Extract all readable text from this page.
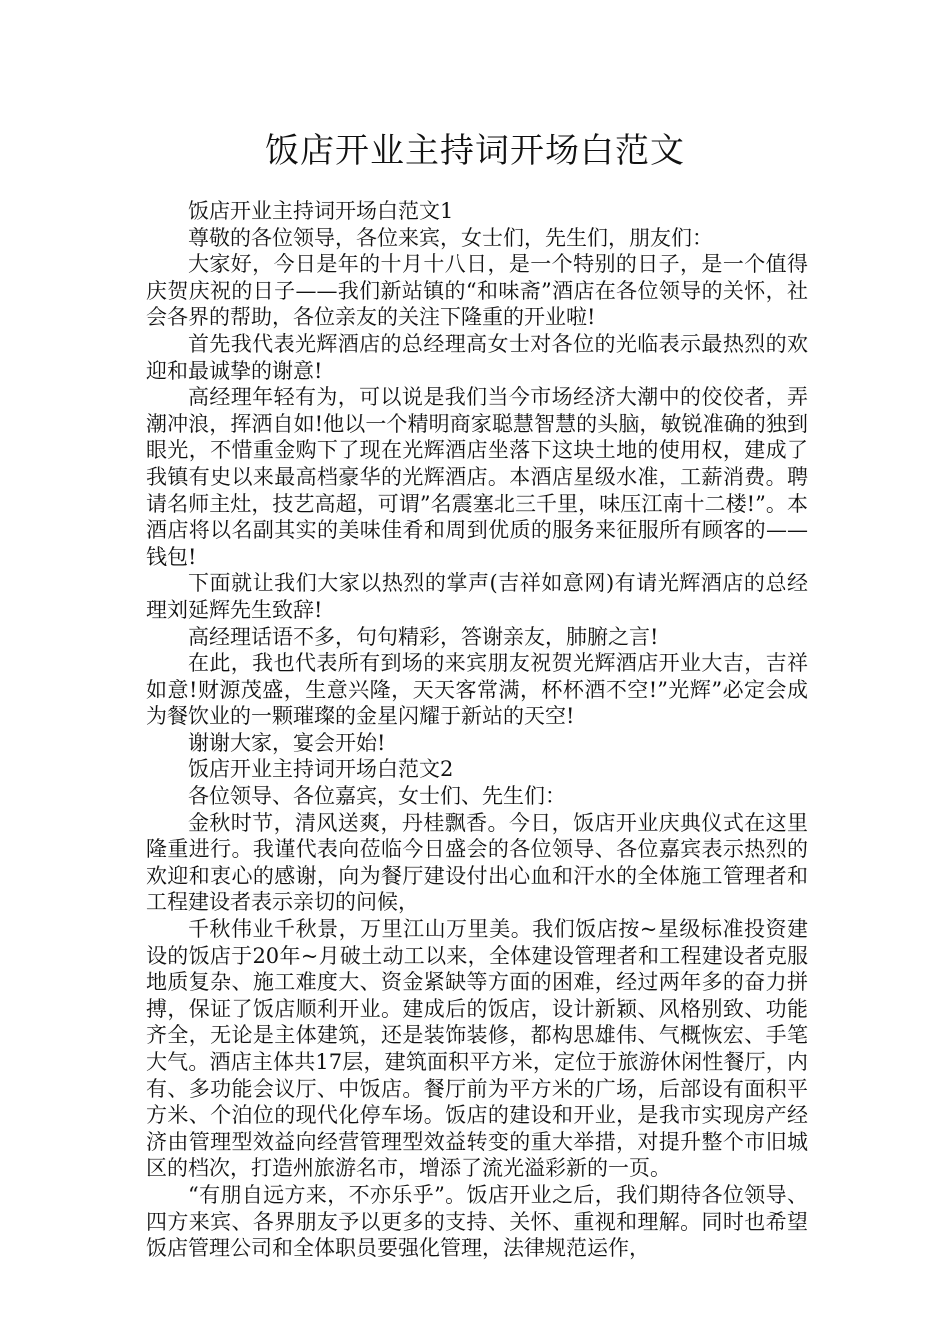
饭店开业主持词开场白范文

饭店开业主持词开场白范文1

尊敬的各位领导，各位来宾，女士们，先生们，朋友们：

大家好，今日是年的十月十八日，是一个特别的日子，是一个值得庆贺庆祝的日子——我们新站镇的“和味斋”酒店在各位领导的关怀，社会各界的帮助，各位亲友的关注下隆重的开业啦!

首先我代表光辉酒店的总经理高女士对各位的光临表示最热烈的欢迎和最诚挚的谢意!

高经理年轻有为，可以说是我们当今市场经济大潮中的佼佼者，弄潮冲浪，挥洒自如!他以一个精明商家聪慧智慧的头脑，敏锐准确的独到眼光，不惜重金购下了现在光辉酒店坐落下这块土地的使用权，建成了我镇有史以来最高档豪华的光辉酒店。本酒店星级水准，工薪消费。聘请名师主灶，技艺高超，可谓”名震塞北三千里，味压江南十二楼!”。本酒店将以名副其实的美味佳肴和周到优质的服务来征服所有顾客的——钱包!

下面就让我们大家以热烈的掌声(吉祥如意网)有请光辉酒店的总经理刘延辉先生致辞!

高经理话语不多，句句精彩，答谢亲友，肺腑之言!

在此，我也代表所有到场的来宾朋友祝贺光辉酒店开业大吉，吉祥如意!财源茂盛，生意兴隆，天天客常满，杯杯酒不空!”光辉”必定会成为餐饮业的一颗璀璨的金星闪耀于新站的天空!

谢谢大家，宴会开始!

饭店开业主持词开场白范文2

各位领导、各位嘉宾，女士们、先生们：

金秋时节，清风送爽，丹桂飘香。今日，饭店开业庆典仪式在这里隆重进行。我谨代表向莅临今日盛会的各位领导、各位嘉宾表示热烈的欢迎和衷心的感谢，向为餐厅建设付出心血和汗水的全体施工管理者和工程建设者表示亲切的问候，

千秋伟业千秋景，万里江山万里美。我们饭店按~星级标准投资建设的饭店于20年~月破土动工以来，全体建设管理者和工程建设者克服地质复杂、施工难度大、资金紧缺等方面的困难，经过两年多的奋力拼搏，保证了饭店顺利开业。建成后的饭店，设计新颖、风格别致、功能齐全，无论是主体建筑，还是装饰装修，都构思雄伟、气概恢宏、手笔大气。酒店主体共17层，建筑面积平方米，定位于旅游休闲性餐厅，内有、多功能会议厅、中饭店。餐厅前为平方米的广场，后部设有面积平方米、个泊位的现代化停车场。饭店的建设和开业，是我市实现房产经济由管理型效益向经营管理型效益转变的重大举措，对提升整个市旧城区的档次，打造州旅游名市，增添了流光溢彩新的一页。

“有朋自远方来，不亦乐乎”。饭店开业之后，我们期待各位领导、四方来宾、各界朋友予以更多的支持、关怀、重视和理解。同时也希望饭店管理公司和全体职员要强化管理，法律规范运作，
